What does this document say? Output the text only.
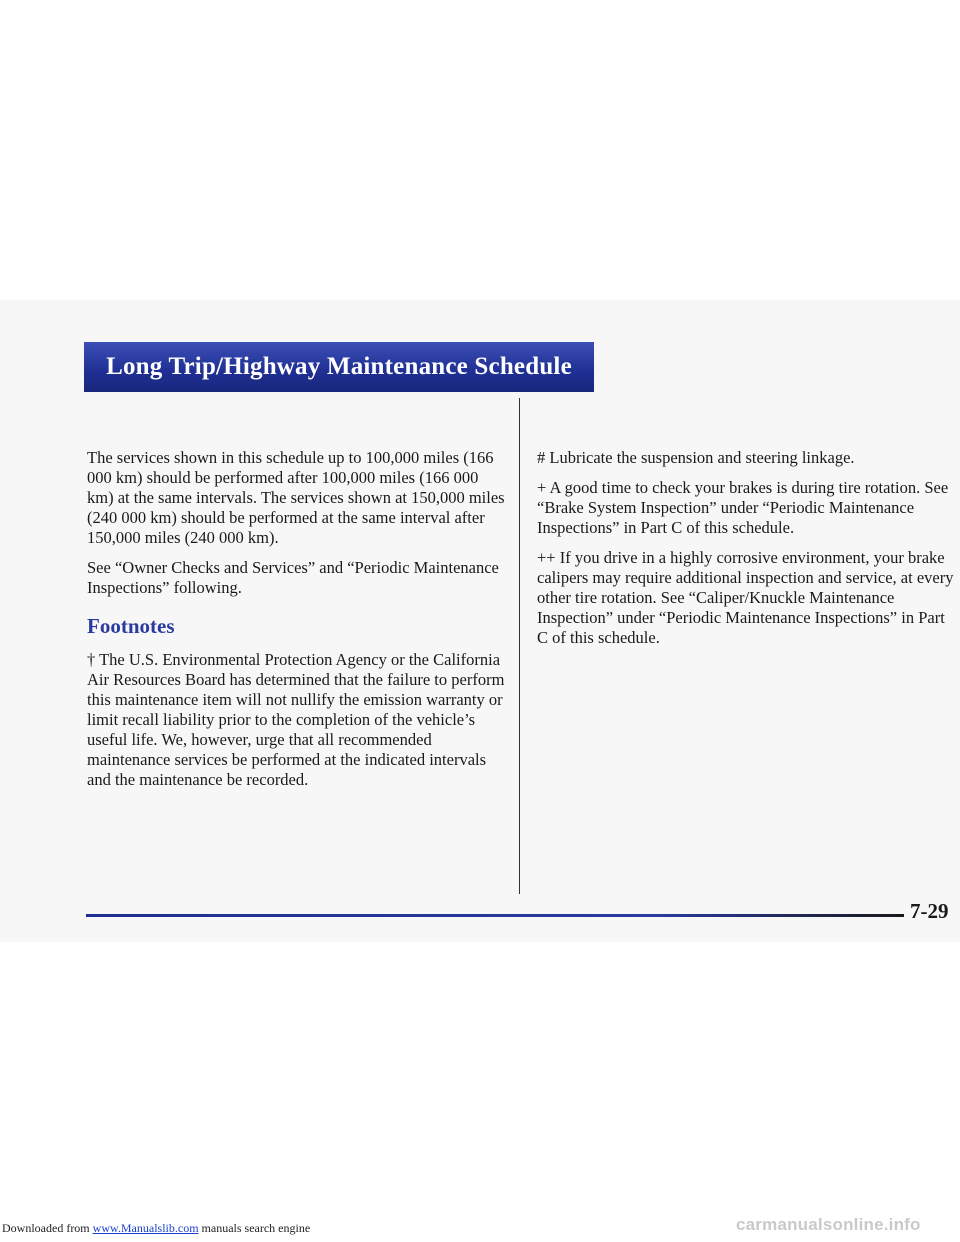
Long Trip/Highway Maintenance Schedule

The services shown in this schedule up to 100,000 miles (166 000 km) should be performed after 100,000 miles (166 000 km) at the same intervals. The services shown at 150,000 miles (240 000 km) should be performed at the same interval after 150,000 miles (240 000 km).

See “Owner Checks and Services” and “Periodic Maintenance Inspections” following.

Footnotes

† The U.S. Environmental Protection Agency or the California Air Resources Board has determined that the failure to perform this maintenance item will not nullify the emission warranty or limit recall liability prior to the completion of the vehicle’s useful life. We, however, urge that all recommended maintenance services be performed at the indicated intervals and the maintenance be recorded.

# Lubricate the suspension and steering linkage.

+ A good time to check your brakes is during tire rotation. See “Brake System Inspection” under “Periodic Maintenance Inspections” in Part C of this schedule.

++ If you drive in a highly corrosive environment, your brake calipers may require additional inspection and service, at every other tire rotation. See “Caliper/Knuckle Maintenance Inspection” under “Periodic Maintenance Inspections” in Part C of this schedule.

7-29
Downloaded from www.Manualslib.com manuals search engine	carmanualsonline.info
